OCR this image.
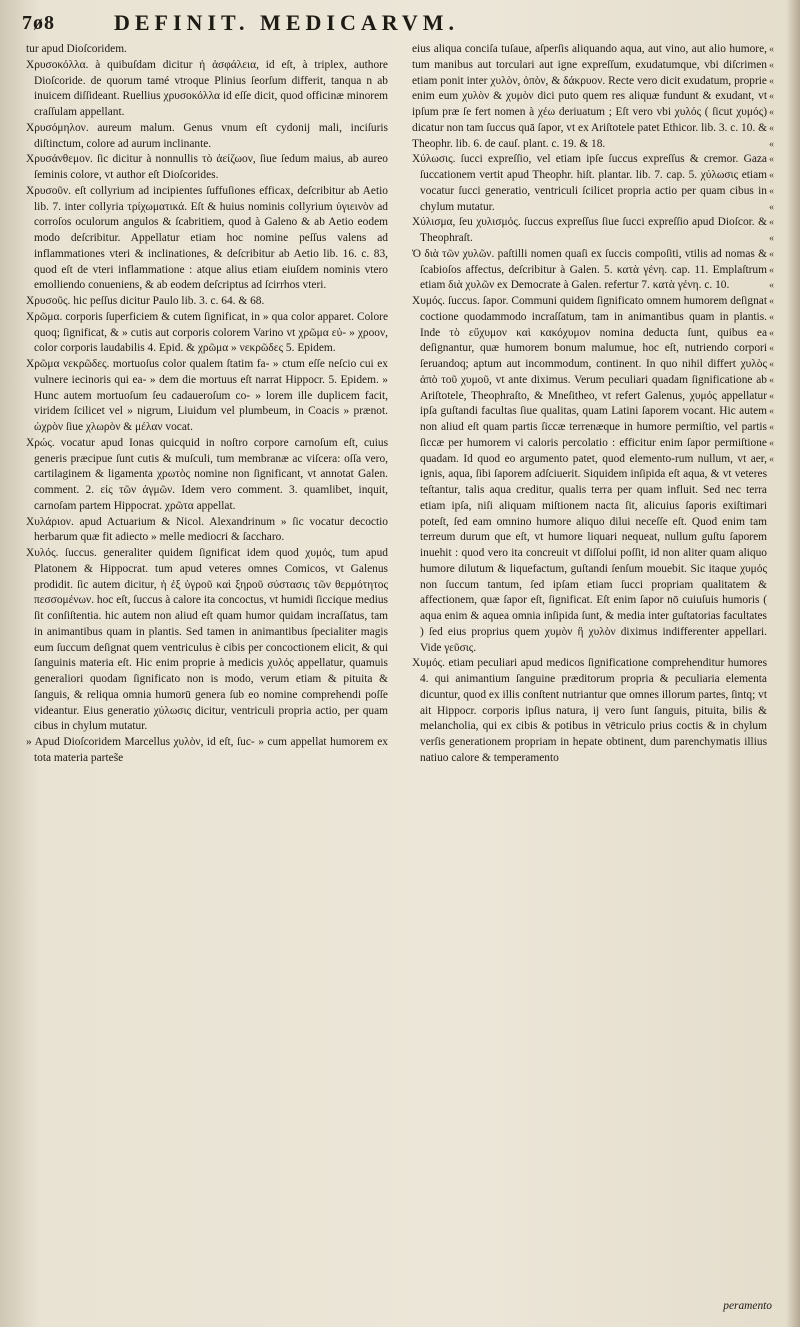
7ø8	DEFINIT. MEDICARVM.

tur apud Dioſcoridem.

Χρυσοκόλλα. à quibuſdam dicitur ἡ ἀσφάλεια, id eſt, à triplex, authore Dioſcoride. de quorum tamé vtroque Plinius ſeorſum differit, tanqua n ab inuicem diſſideant. Ruellius χρυσοκόλλα id eſſe dicit, quod officinæ minorem craſſulam appellant.

Χρυσόμηλον. aureum malum. Genus vnum eſt cydonij mali, inciſuris diſtinctum, colore ad aurum inclinante.

Χρυσάνθεμον. ſic dicitur à nonnullis τὸ ἀείζωον, ſiue ſedum maius, ab aureo ſeminis colore, vt author eſt Dioſcorides.

Χρυσοῦν. eſt collyrium ad incipientes ſuffuſiones efficax, deſcribitur ab Aetio lib. 7. inter collyria τρίχωματικά. Eſt & huius nominis collyrium ὑγιεινὸν ad corroſos oculorum angulos & ſcabritiem, quod à Galeno & ab Aetio eodem modo deſcribitur. Appellatur etiam hoc nomine peſſus valens ad inflammationes vteri & inclinationes, & deſcribitur ab Aetio lib. 16. c. 83, quod eſt de vteri inflammatione : atque alius etiam eiuſdem nominis vtero emolliendo conueniens, & ab eodem deſcriptus ad ſcirrhos vteri.

Χρυσοῦς. hic peſſus dicitur Paulo lib. 3. c. 64. & 68.

Χρῶμα. corporis ſuperficiem & cutem ſignificat, in » qua color apparet. Colore quoq; ſignificat, & » cutis aut corporis colorem Varino vt χρῶμα εὐ- » χροον, color corporis laudabilis 4. Epid. & χρῶμα » νεκρῶδες 5. Epidem.

Χρῶμα νεκρῶδες. mortuoſus color qualem ſtatim fa- » ctum eſſe neſcio cui ex vulnere iecinoris qui ea- » dem die mortuus eſt narrat Hippocr. 5. Epidem. » Hunc autem mortuoſum ſeu cadaueroſum co- » lorem ille duplicem facit, viridem ſcilicet vel » nigrum, Liuidum vel plumbeum, in Coacis » prænot. ὠχρὸν ſiue χλωρὸν & μέλαν vocat.

Χρώς. vocatur apud Ionas quicquid in noſtro corpore carnoſum eſt, cuius generis præcipue ſunt cutis & muſculi, tum membranæ ac viſcera: oſſa vero, cartilaginem & ligamenta χρωτὸς nomine non ſignificant, vt annotat Galen. comment. 2. εἰς τῶν ἀγμῶν. Idem vero comment. 3. quamlibet, inquit, carnoſam partem Hippocrat. χρῶτα appellat.

Χυλάριον. apud Actuarium & Nicol. Alexandrinum » ſic vocatur decoctio herbarum quæ fit adiecto » melle mediocri & ſaccharo.

Χυλός. ſuccus. generaliter quidem ſignificat idem quod χυμός, tum apud Platonem & Hippocrat. tum apud veteres omnes Comicos, vt Galenus prodidit. ſic autem dicitur, ἡ ἐξ ὑγροῦ καὶ ξηροῦ σύστασις τῶν θερμότητος πεσσομένων. hoc eſt, ſuccus à calore ita concoctus, vt humidi ſiccique medius ſit conſiſtentia. hic autem non aliud eſt quam humor quidam incraſſatus, tam in animantibus quam in plantis. Sed tamen in animantibus ſpecialiter magis eum ſuccum deſignat quem ventriculus è cibis per concoctionem elicit, & qui ſanguinis materia eſt. Hic enim proprie à medicis χυλός appellatur, quamuis generaliori quodam ſignificato non is modo, verum etiam & pituita & ſanguis, & reliqua omnia humorū genera ſub eo nomine comprehendi poſſe videantur. Eius generatio χύλωσις dicitur, ventriculi propria actio, per quam cibus in chylum mutatur.

» Apud Dioſcoridem Marcellus χυλὸν, id eſt, ſuc- » cum appellat humorem ex tota materia partes̃e

eius aliqua conciſa tuſaue, aſperſis aliquando aqua, aut vino, aut alio humore, tum manibus aut torculari aut igne expreſſum, exudatumque, vbi diſcrimen etiam ponit inter χυλὸν, ὀπὸν, & δάκρυον. Recte vero dicit exudatum, proprie enim eum χυλὸν & χυμὸν dici puto quem res aliquæ fundunt & exudant, vt ipſum præ ſe fert nomen à χέω deriuatum ; Eſt vero vbi χυλός ( ſicut χυμός) dicatur non tam ſuccus quā ſapor, vt ex Ariſtotele patet Ethicor. lib. 3. c. 10. & Theophr. lib. 6. de cauſ. plant. c. 19. & 18.

Χύλωσις. ſucci expreſſio, vel etiam ipſe ſuccus expreſſus & cremor. Gaza ſuccationem vertit apud Theophr. hiſt. plantar. lib. 7. cap. 5. χύλωσις etiam vocatur ſucci generatio, ventriculi ſcilicet propria actio per quam cibus in chylum mutatur.

Χύλισμα, ſeu χυλισμός. ſuccus expreſſus ſiue ſucci expreſſio apud Dioſcor. & Theophraſt.

Ὁ διὰ τῶν χυλῶν. paſtilli nomen quaſi ex ſuccis compoſiti, vtilis ad nomas & ſcabioſos affectus, deſcribitur à Galen. 5. κατὰ γένη. cap. 11. Emplaſtrum etiam διὰ χυλῶν ex Democrate à Galen. refertur 7. κατὰ γένη. c. 10.

Χυμός. ſuccus. ſapor. Communi quidem ſignificato omnem humorem deſignat coctione quodammodo incraſſatum, tam in animantibus quam in plantis. Inde τὸ εὔχυμον καὶ κακόχυμον nomina deducta ſunt, quibus ea deſignantur, quæ humorem bonum malumue, hoc eſt, nutriendo corpori ſeruandoq; aptum aut incommodum, continent. In quo nihil differt χυλὸς ἀπὸ τοῦ χυμοῦ, vt ante diximus. Verum peculiari quadam ſignificatione ab Ariſtotele, Theophraſto, & Mneſitheo, vt refert Galenus, χυμός appellatur ipſa guſtandi facultas ſiue qualitas, quam Latini ſaporem vocant. Hic autem non aliud eſt quam partis ſiccæ terrenæque in humore permiſtio, vel partis ſiccæ per humorem vi caloris percolatio : efficitur enim ſapor permiſtione quadam. Id quod eo argumento patet, quod elemento-rum nullum, vt aer, ignis, aqua, ſibi ſaporem adſciuerit. Siquidem inſipida eſt aqua, & vt veteres teſtantur, talis aqua creditur, qualis terra per quam influit. Sed nec terra etiam ipſa, niſi aliquam miſtionem nacta ſit, alicuius ſaporis exiſtimari poteſt, ſed eam omnino humore aliquo dilui neceſſe eſt. Quod enim tam terreum durum que eſt, vt humore liquari nequeat, nullum guſtu ſaporem inuehit : quod vero ita concreuit vt diſſolui poſſit, id non aliter quam aliquo humore dilutum & liquefactum, guſtandi ſenſum mouebit. Sic itaque χυμός non ſuccum tantum, ſed ipſam etiam ſucci propriam qualitatem & affectionem, quæ ſapor eſt, ſignificat. Eſt enim ſapor nō cuiuſuis humoris ( aqua enim & aquea omnia inſipida ſunt, & media inter guſtatorias facultates ) ſed eius proprius quem χυμὸν ἢ χυλὸν diximus indifferenter appellari. Vide γεῦσις.

Χυμός. etiam peculiari apud medicos ſignificatione comprehenditur humores 4. qui animantium ſanguine præditorum propria & peculiaria elementa dicuntur, quod ex illis conſtent nutriantur que omnes illorum partes, ſintq; vt ait Hippocr. corporis ipſius natura, ij vero ſunt ſanguis, pituita, bilis & melancholia, qui ex cibis & potibus in vētriculo prius coctis & in chylum verſis generationem propriam in hepate obtinent, dum parenchymatis illius natiuo calore & temperamento

«
«
«
«
«
«
«
«
«
«
«
«
«
«
«
«
«
«
«
«
«
«
«
«
«
«
«
peramento
